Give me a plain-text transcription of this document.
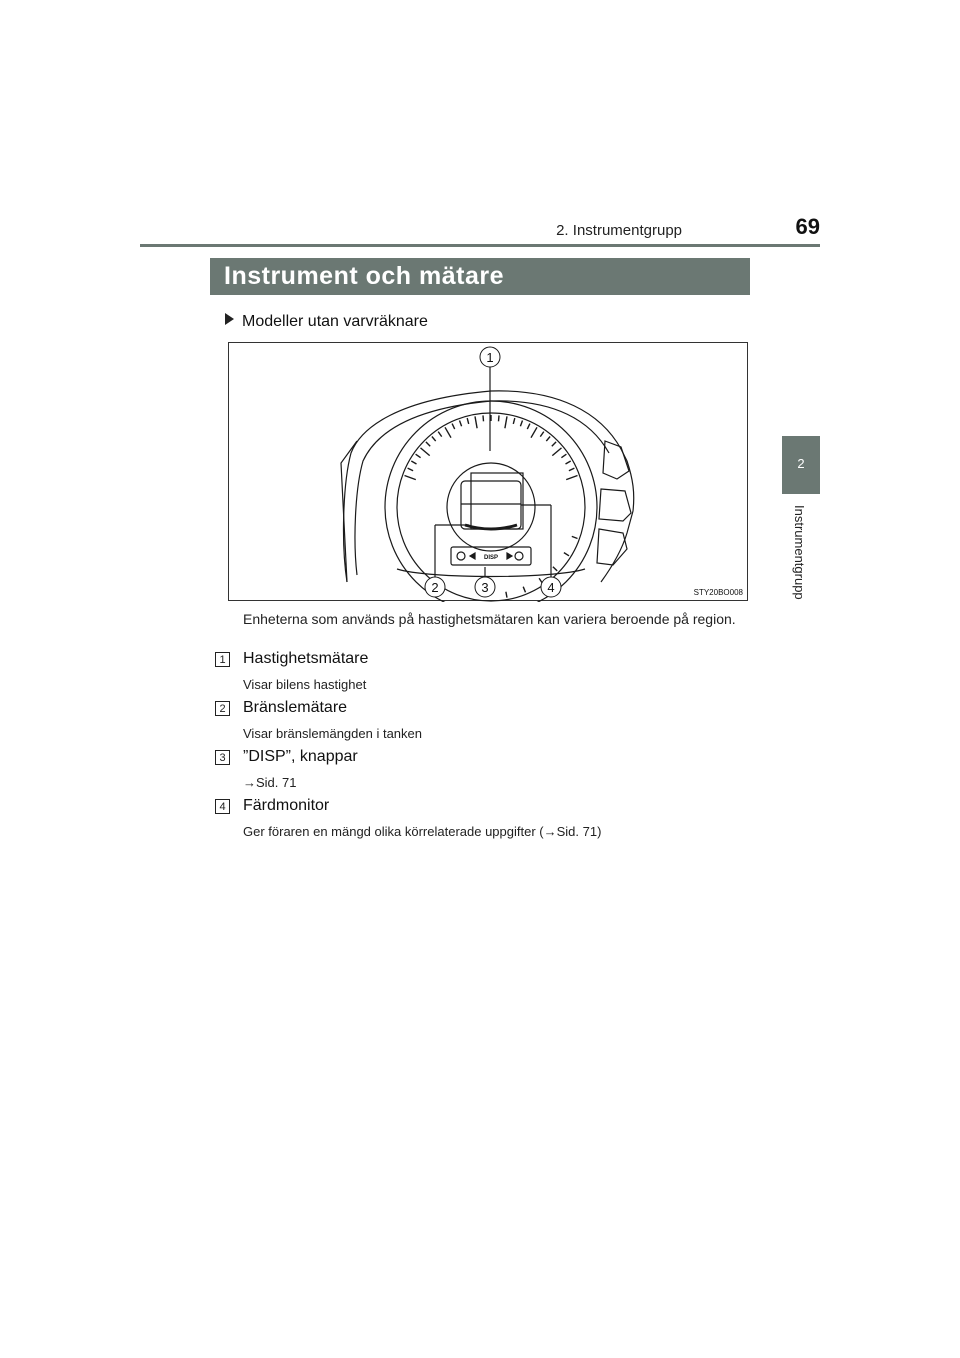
2. Instrumentgrupp	69
2
Instrumentgrupp
Instrument och mätare
Modeller utan varvräknare
1
2	3	4
DISP
STY20BO008
Enheterna som används på hastighetsmätaren kan variera beroende på region.
1 Hastighetsmätare
Visar bilens hastighet
2 Bränslemätare
Visar bränslemängden i tanken
3 ”DISP”, knappar
→Sid. 71
4 Färdmonitor
Ger föraren en mängd olika körrelaterade uppgifter (→Sid. 71)
